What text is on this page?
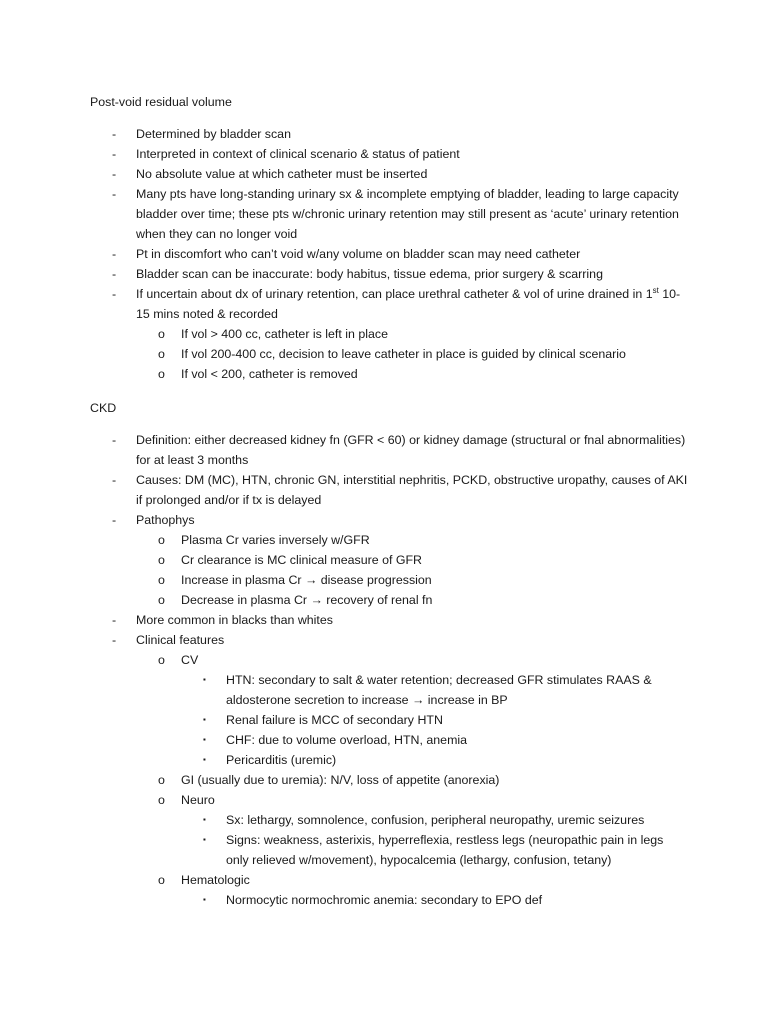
Post-void residual volume
- Determined by bladder scan
- Interpreted in context of clinical scenario & status of patient
- No absolute value at which catheter must be inserted
- Many pts have long-standing urinary sx & incomplete emptying of bladder, leading to large capacity bladder over time; these pts w/chronic urinary retention may still present as ‘acute’ urinary retention when they can no longer void
- Pt in discomfort who can’t void w/any volume on bladder scan may need catheter
- Bladder scan can be inaccurate: body habitus, tissue edema, prior surgery & scarring
- If uncertain about dx of urinary retention, can place urethral catheter & vol of urine drained in 1st 10-15 mins noted & recorded
o If vol > 400 cc, catheter is left in place
o If vol 200-400 cc, decision to leave catheter in place is guided by clinical scenario
o If vol < 200, catheter is removed
CKD
- Definition: either decreased kidney fn (GFR < 60) or kidney damage (structural or fnal abnormalities) for at least 3 months
- Causes: DM (MC), HTN, chronic GN, interstitial nephritis, PCKD, obstructive uropathy, causes of AKI if prolonged and/or if tx is delayed
- Pathophys
o Plasma Cr varies inversely w/GFR
o Cr clearance is MC clinical measure of GFR
o Increase in plasma Cr → disease progression
o Decrease in plasma Cr → recovery of renal fn
- More common in blacks than whites
- Clinical features
o CV
▪ HTN: secondary to salt & water retention; decreased GFR stimulates RAAS & aldosterone secretion to increase → increase in BP
▪ Renal failure is MCC of secondary HTN
▪ CHF: due to volume overload, HTN, anemia
▪ Pericarditis (uremic)
o GI (usually due to uremia): N/V, loss of appetite (anorexia)
o Neuro
▪ Sx: lethargy, somnolence, confusion, peripheral neuropathy, uremic seizures
▪ Signs: weakness, asterixis, hyperreflexia, restless legs (neuropathic pain in legs only relieved w/movement), hypocalcemia (lethargy, confusion, tetany)
o Hematologic
▪ Normocytic normochromic anemia: secondary to EPO def
